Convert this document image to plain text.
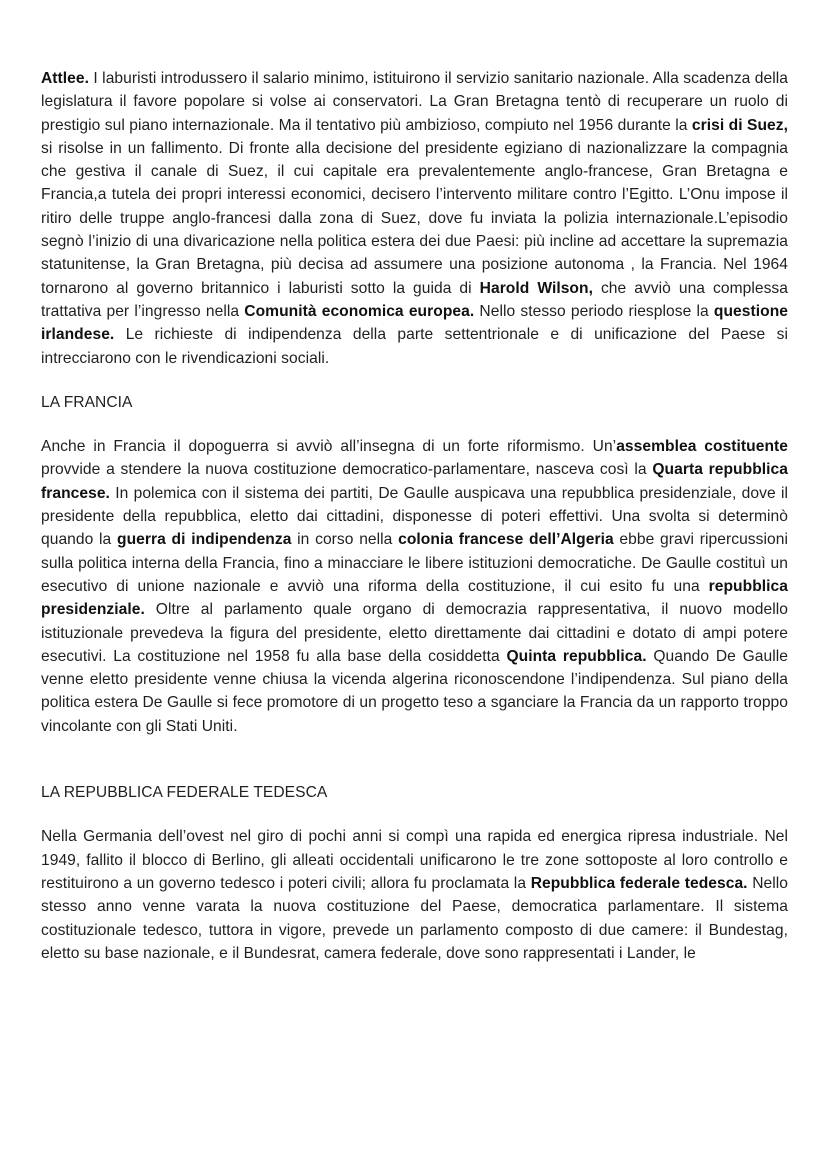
Attlee. I laburisti introdussero il salario minimo, istituirono il servizio sanitario nazionale. Alla scadenza della legislatura il favore popolare si volse ai conservatori. La Gran Bretagna tentò di recuperare un ruolo di prestigio sul piano internazionale. Ma il tentativo più ambizioso, compiuto nel 1956 durante la crisi di Suez, si risolse in un fallimento. Di fronte alla decisione del presidente egiziano di nazionalizzare la compagnia che gestiva il canale di Suez, il cui capitale era prevalentemente anglo-francese, Gran Bretagna e Francia,a tutela dei propri interessi economici, decisero l’intervento militare contro l’Egitto. L’Onu impose il ritiro delle truppe anglo-francesi dalla zona di Suez, dove fu inviata la polizia internazionale.L’episodio segnò l’inizio di una divaricazione nella politica estera dei due Paesi: più incline ad accettare la supremazia statunitense, la Gran Bretagna, più decisa ad assumere una posizione autonoma , la Francia. Nel 1964 tornarono al governo britannico i laburisti sotto la guida di Harold Wilson, che avviò una complessa trattativa per l’ingresso nella Comunità economica europea. Nello stesso periodo riesplose la questione irlandese. Le richieste di indipendenza della parte settentrionale e di unificazione del Paese si intrecciarono con le rivendicazioni sociali.

LA FRANCIA

Anche in Francia il dopoguerra si avviò all’insegna di un forte riformismo. Un’assemblea costituente provvide a stendere la nuova costituzione democratico-parlamentare, nasceva così la Quarta repubblica francese. In polemica con il sistema dei partiti, De Gaulle auspicava una repubblica presidenziale, dove il presidente della repubblica, eletto dai cittadini, disponesse di poteri effettivi. Una svolta si determinò quando la guerra di indipendenza in corso nella colonia francese dell’Algeria ebbe gravi ripercussioni sulla politica interna della Francia, fino a minacciare le libere istituzioni democratiche. De Gaulle costituì un esecutivo di unione nazionale e avviò una riforma della costituzione, il cui esito fu una repubblica presidenziale. Oltre al parlamento quale organo di democrazia rappresentativa, il nuovo modello istituzionale prevedeva la figura del presidente, eletto direttamente dai cittadini e dotato di ampi potere esecutivi. La costituzione nel 1958 fu alla base della cosiddetta Quinta repubblica. Quando De Gaulle venne eletto presidente venne chiusa la vicenda algerina riconoscendone l’indipendenza. Sul piano della politica estera De Gaulle si fece promotore di un progetto teso a sganciare la Francia da un rapporto troppo vincolante con gli Stati Uniti.

LA REPUBBLICA FEDERALE TEDESCA

Nella Germania dell’ovest nel giro di pochi anni si compì una rapida ed energica ripresa industriale. Nel 1949, fallito il blocco di Berlino, gli alleati occidentali unificarono le tre zone sottoposte al loro controllo e restituirono a un governo tedesco i poteri civili; allora fu proclamata la Repubblica federale tedesca. Nello stesso anno venne varata la nuova costituzione del Paese, democratica parlamentare. Il sistema costituzionale tedesco, tuttora in vigore, prevede un parlamento composto di due camere: il Bundestag, eletto su base nazionale, e il Bundesrat, camera federale, dove sono rappresentati i Lander, le
